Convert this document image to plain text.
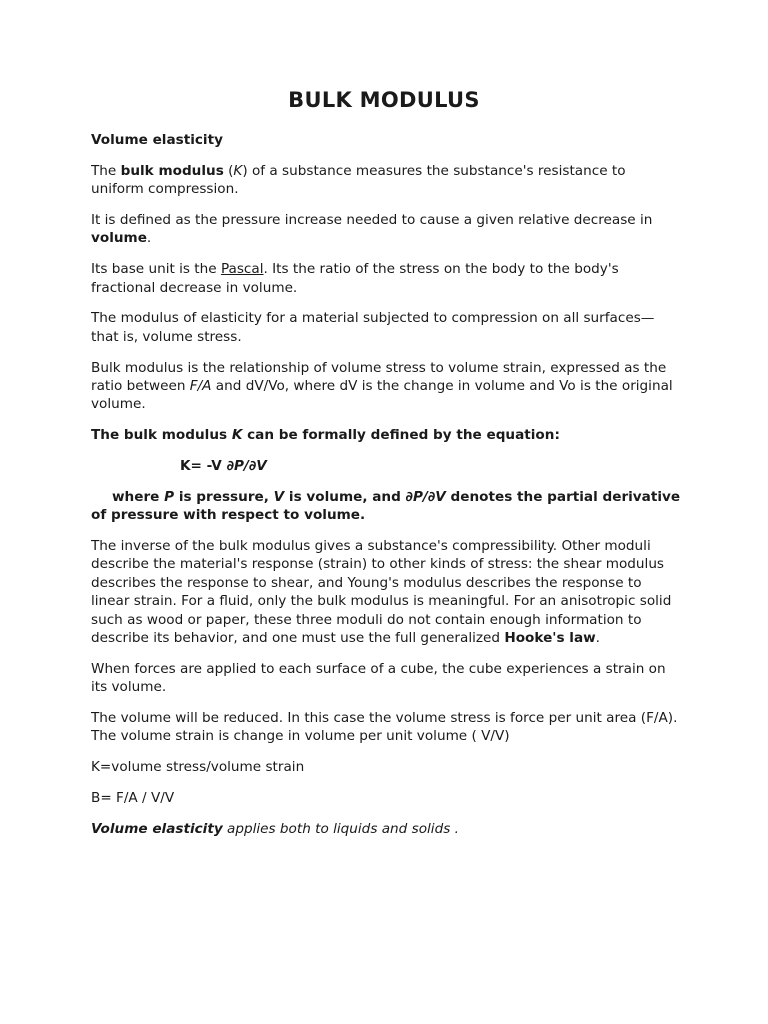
BULK MODULUS

Volume elasticity

The bulk modulus (K) of a substance measures the substance's resistance to uniform compression.

It is defined as the pressure increase needed to cause a given relative decrease in volume.

Its base unit is the Pascal. Its the ratio of the stress on the body to the body's fractional decrease in volume.

The modulus of elasticity for a material subjected to compression on all surfaces—that is, volume stress.

Bulk modulus is the relationship of volume stress to volume strain, expressed as the ratio between F/A and dV/Vo, where dV is the change in volume and Vo is the original volume.

The bulk modulus K can be formally defined by the equation:

K= -V ∂P/∂V

where P is pressure, V is volume, and ∂P/∂V denotes the partial derivative of pressure with respect to volume.

The inverse of the bulk modulus gives a substance's compressibility. Other moduli describe the material's response (strain) to other kinds of stress: the shear modulus describes the response to shear, and Young's modulus describes the response to linear strain. For a fluid, only the bulk modulus is meaningful. For an anisotropic solid such as wood or paper, these three moduli do not contain enough information to describe its behavior, and one must use the full generalized Hooke's law.

When forces are applied to each surface of a cube, the cube experiences a strain on its volume.

The volume will be reduced. In this case the volume stress is force per unit area (F/A). The volume strain is change in volume per unit volume ( V/V)

K=volume stress/volume strain

B= F/A / V/V

Volume elasticity applies both to liquids and solids .
